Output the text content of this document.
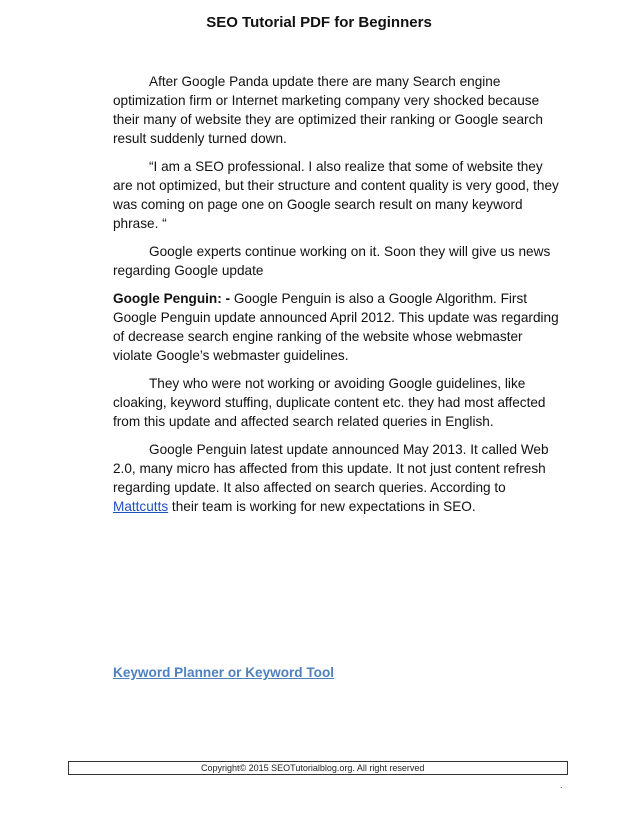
SEO Tutorial PDF for Beginners

After Google Panda update there are many Search engine optimization firm or Internet marketing company very shocked because their many of website they are optimized their ranking or Google search result suddenly turned down.

“I am a SEO professional. I also realize that some of website they are not optimized, but their structure and content quality is very good, they was coming on page one on Google search result on many keyword phrase. “

Google experts continue working on it. Soon they will give us news regarding Google update

Google Penguin: - Google Penguin is also a Google Algorithm. First Google Penguin update announced April 2012. This update was regarding of decrease search engine ranking of the website whose webmaster violate Google’s webmaster guidelines.

They who were not working or avoiding Google guidelines, like cloaking, keyword stuffing, duplicate content etc. they had most affected from this update and affected search related queries in English.

Google Penguin latest update announced May 2013. It called Web 2.0, many micro has affected from this update. It not just content refresh regarding update. It also affected on search queries. According to Mattcutts their team is working for new expectations in SEO.

Keyword Planner or Keyword Tool
Copyright© 2015 SEOTutorialblog.org. All right reserved
.
